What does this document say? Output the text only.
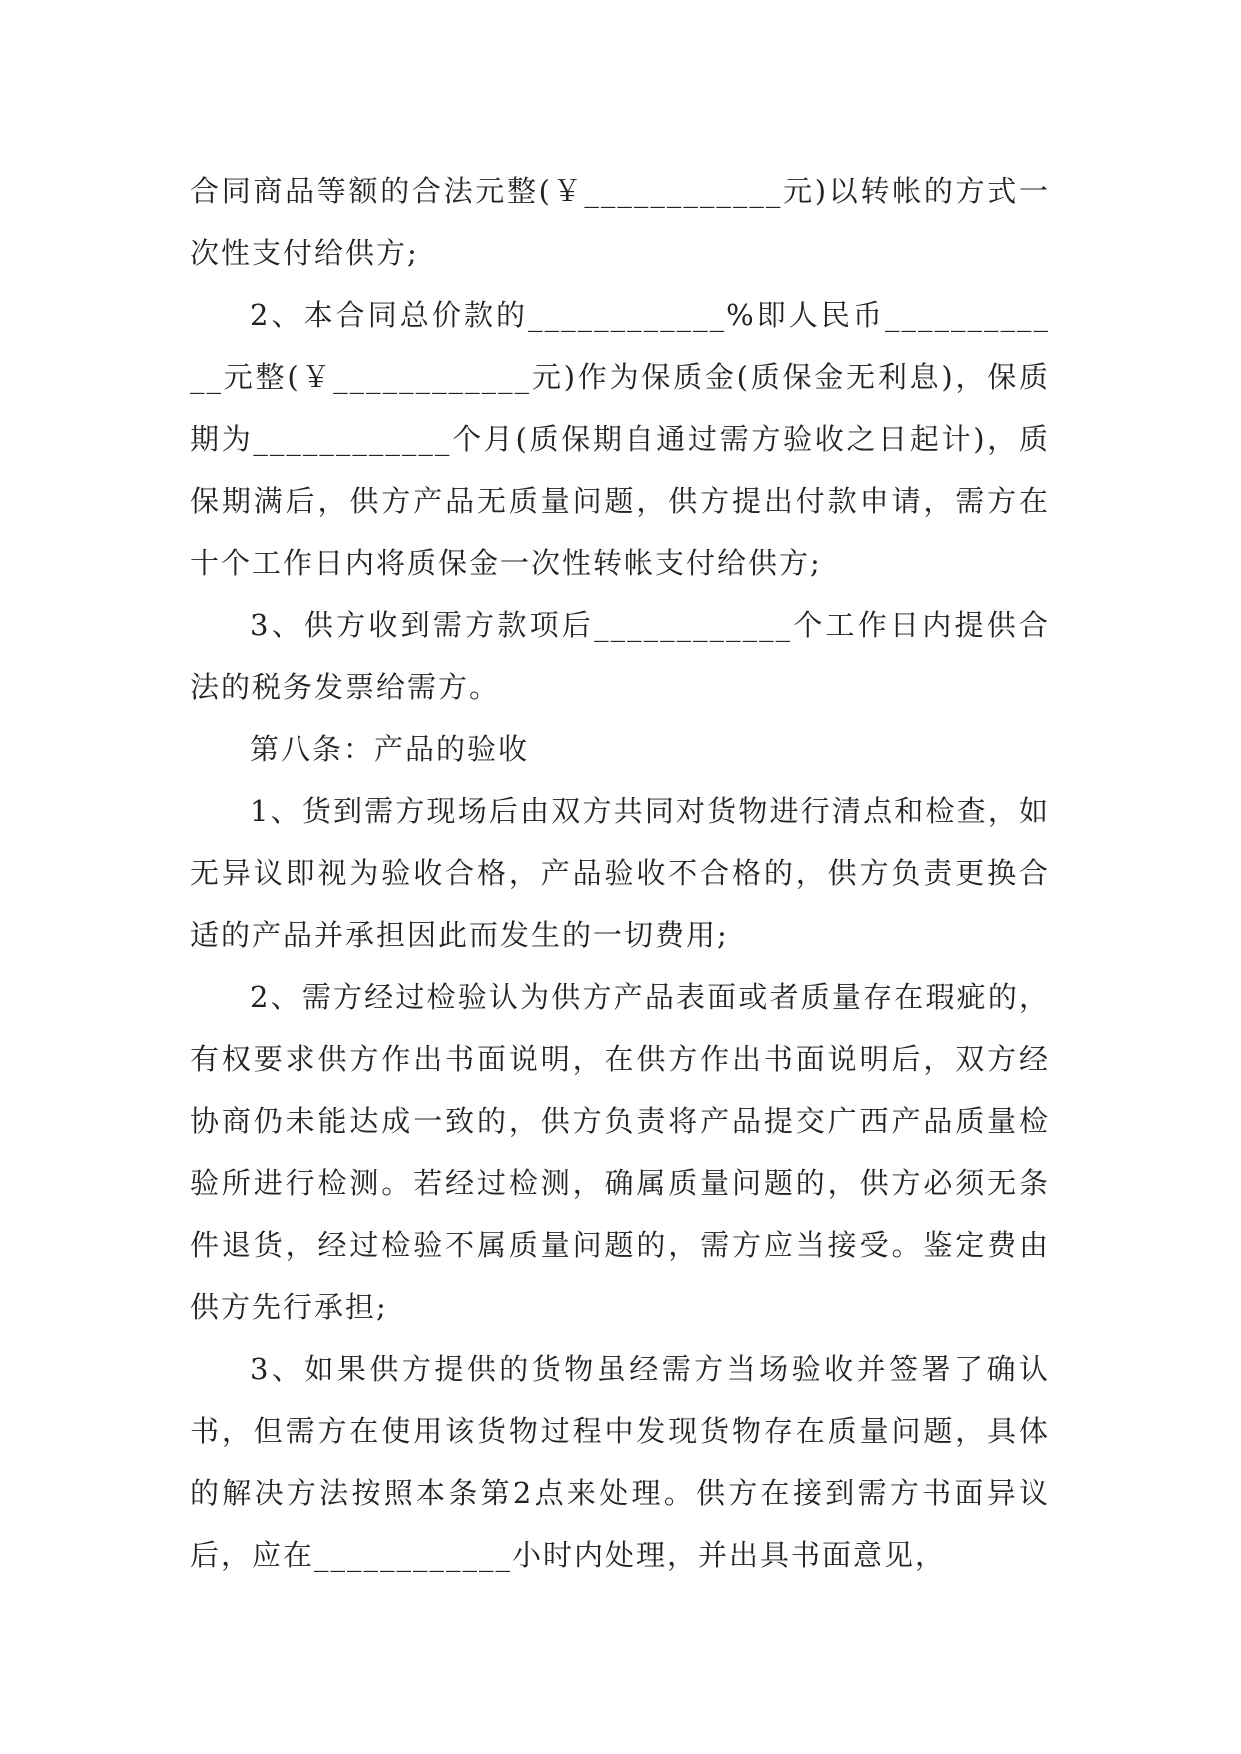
合同商品等额的合法元整(￥____________元)以转帐的方式一次性支付给供方;

2、本合同总价款的____________%即人民币____________元整(￥____________元)作为保质金(质保金无利息)，保质期为____________个月(质保期自通过需方验收之日起计)，质保期满后，供方产品无质量问题，供方提出付款申请，需方在十个工作日内将质保金一次性转帐支付给供方;

3、供方收到需方款项后____________个工作日内提供合法的税务发票给需方。

第八条：产品的验收

1、货到需方现场后由双方共同对货物进行清点和检查，如无异议即视为验收合格，产品验收不合格的，供方负责更换合适的产品并承担因此而发生的一切费用;

2、需方经过检验认为供方产品表面或者质量存在瑕疵的，有权要求供方作出书面说明，在供方作出书面说明后，双方经协商仍未能达成一致的，供方负责将产品提交广西产品质量检验所进行检测。若经过检测，确属质量问题的，供方必须无条件退货，经过检验不属质量问题的，需方应当接受。鉴定费由供方先行承担;

3、如果供方提供的货物虽经需方当场验收并签署了确认书，但需方在使用该货物过程中发现货物存在质量问题，具体的解决方法按照本条第2点来处理。供方在接到需方书面异议后，应在____________小时内处理，并出具书面意见，
